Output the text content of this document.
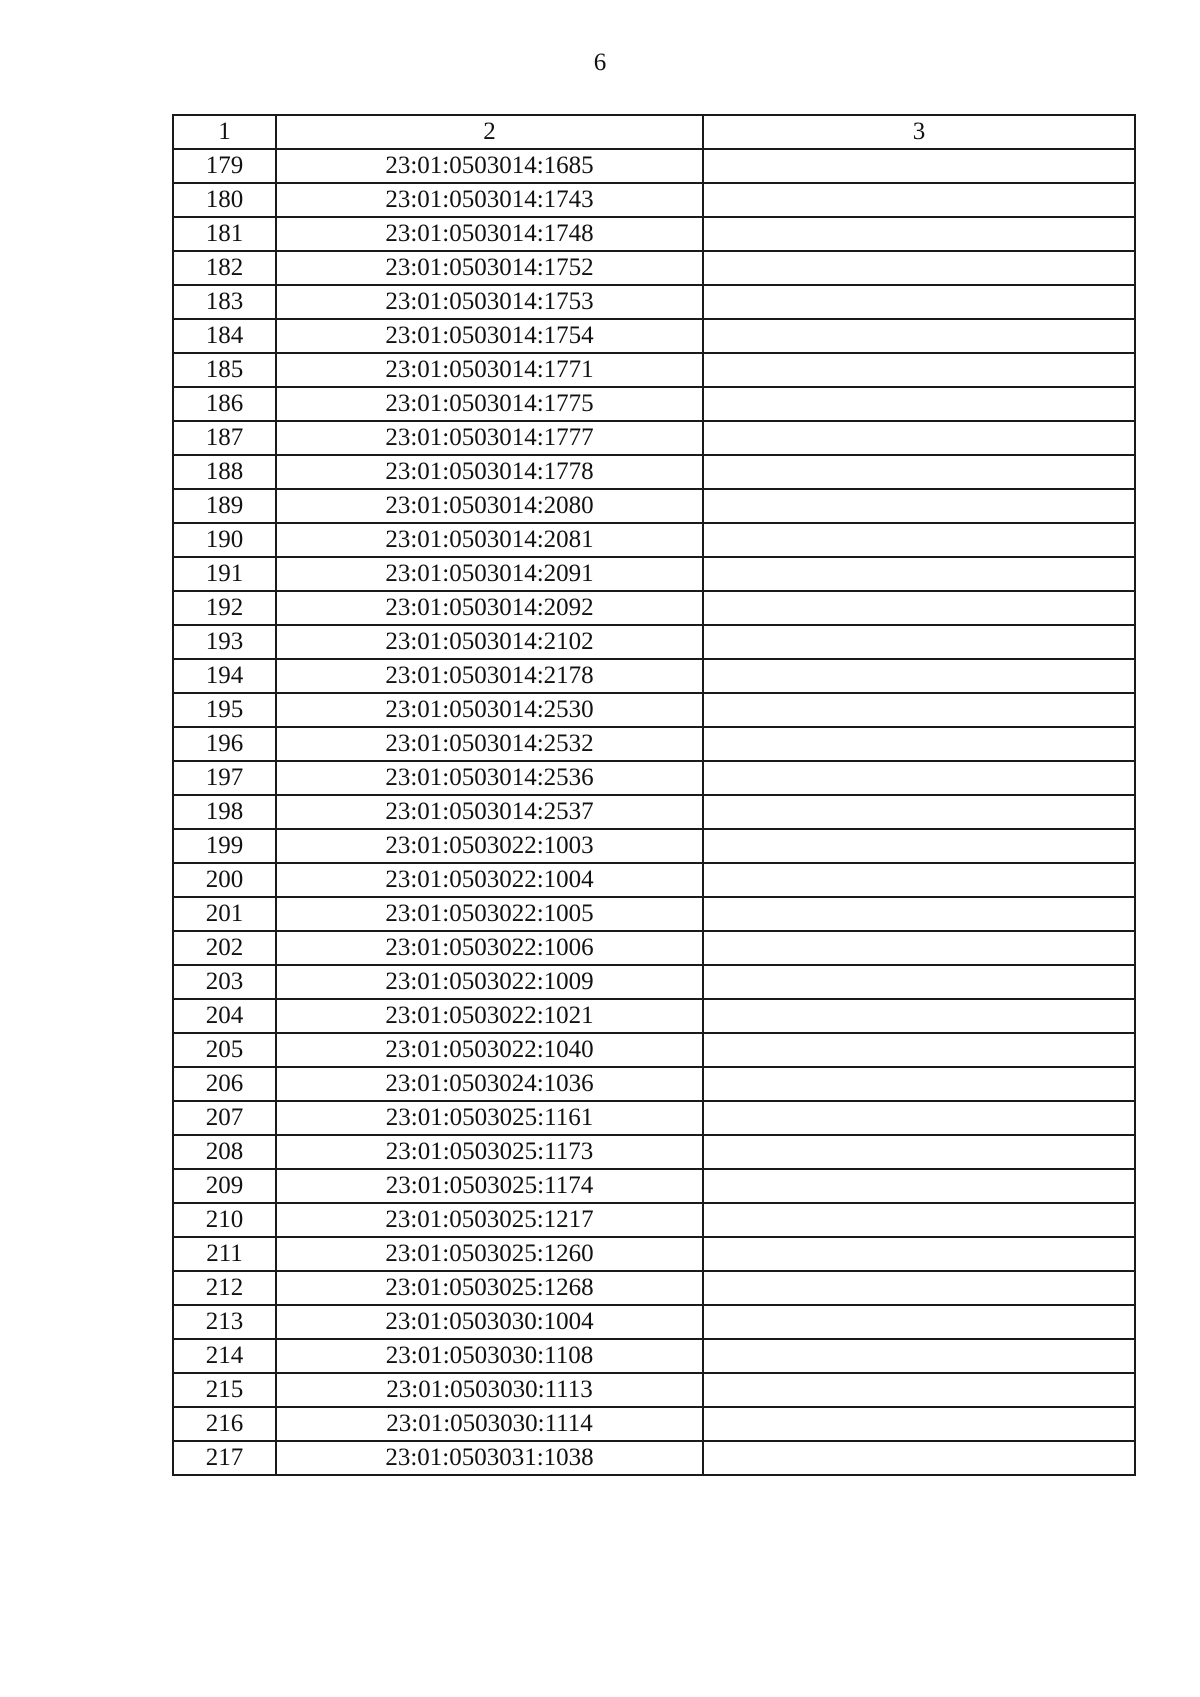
6
1	2	3
179	23:01:0503014:1685	
180	23:01:0503014:1743	
181	23:01:0503014:1748	
182	23:01:0503014:1752	
183	23:01:0503014:1753	
184	23:01:0503014:1754	
185	23:01:0503014:1771	
186	23:01:0503014:1775	
187	23:01:0503014:1777	
188	23:01:0503014:1778	
189	23:01:0503014:2080	
190	23:01:0503014:2081	
191	23:01:0503014:2091	
192	23:01:0503014:2092	
193	23:01:0503014:2102	
194	23:01:0503014:2178	
195	23:01:0503014:2530	
196	23:01:0503014:2532	
197	23:01:0503014:2536	
198	23:01:0503014:2537	
199	23:01:0503022:1003	
200	23:01:0503022:1004	
201	23:01:0503022:1005	
202	23:01:0503022:1006	
203	23:01:0503022:1009	
204	23:01:0503022:1021	
205	23:01:0503022:1040	
206	23:01:0503024:1036	
207	23:01:0503025:1161	
208	23:01:0503025:1173	
209	23:01:0503025:1174	
210	23:01:0503025:1217	
211	23:01:0503025:1260	
212	23:01:0503025:1268	
213	23:01:0503030:1004	
214	23:01:0503030:1108	
215	23:01:0503030:1113	
216	23:01:0503030:1114	
217	23:01:0503031:1038	
